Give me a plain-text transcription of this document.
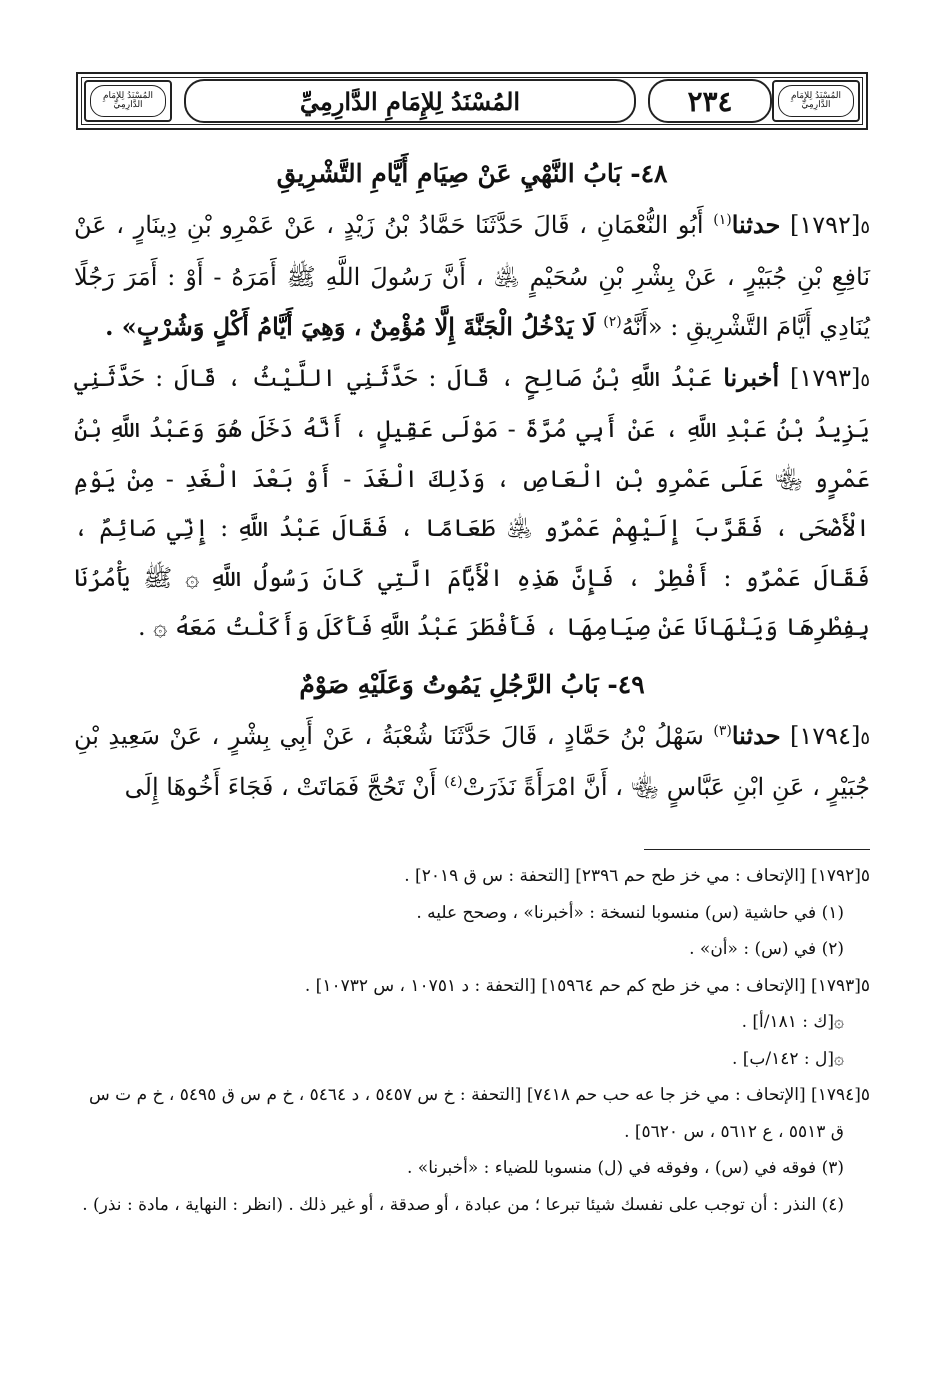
المُسْنَدُ لِلإِمَامِ الدَّارِمِيِّ
٢٣٤
المُسْنَدُ لِلإِمَامِ الدَّارِمِيِّ
المُسْنَدُ لِلإِمَامِ الدَّارِمِيِّ

٤٨- بَابُ النَّهْيِ عَنْ صِيَامِ أَيَّامِ التَّشْرِيقِ

٥[١٧٩٢] حدثنا$^{(١)}$ أَبُو النُّعْمَانِ ، قَالَ حَدَّثَنَا حَمَّادُ بْنُ زَيْدٍ ، عَنْ عَمْرِو بْنِ دِينَارٍ ، عَنْ نَافِعِ بْنِ جُبَيْرٍ ، عَنْ بِشْرِ بْنِ سُحَيْمٍ ﵁ ، أَنَّ رَسُولَ اللَّهِ ﷺ أَمَرَهُ - أَوْ : أَمَرَ رَجُلًا يُنَادِي أَيَّامَ التَّشْرِيقِ : «أَنَّهُ$^{(٢)}$ لَا يَدْخُلُ الْجَنَّةَ إِلَّا مُؤْمِنٌ ، وَهِيَ أَيَّامُ أَكْلٍ وَشُرْبٍ» .

٥[١٧٩٣] أخبرنا عَبْدُ اللَّهِ بْنُ صَالِحٍ ، قَالَ : حَدَّثَنِي اللَّيْثُ ، قَالَ : حَدَّثَنِي يَزِيدُ بْنُ عَبْدِ اللَّهِ ، عَنْ أَبِي مُرَّةَ - مَوْلَى عَقِيلٍ ، أَنَّهُ دَخَلَ هُوَ وَعَبْدُ اللَّهِ بْنُ عَمْرٍو ﵄ عَلَى عَمْرِو بْنِ الْعَاصِ ، وَذَلِكَ الْغَدَ - أَوْ بَعْدَ الْغَدِ - مِنْ يَوْمِ الْأَضْحَى ، فَقَرَّبَ إِلَيْهِمْ عَمْرٌو ﵁ طَعَامًا ، فَقَالَ عَبْدُ اللَّهِ : إِنِّي صَائِمٌ ، فَقَالَ عَمْرٌو : أَفْطِرْ ، فَإِنَّ هَذِهِ الْأَيَّامَ الَّتِي كَانَ رَسُولُ اللَّهِ ۞ ﷺ يَأْمُرُنَا بِفِطْرِهَا وَيَنْهَانَا عَنْ صِيَامِهَا ، فَأَفْطَرَ عَبْدُ اللَّهِ فَأَكَلَ وَأَكَلْتُ مَعَهُ ۞ .

٤٩- بَابُ الرَّجُلِ يَمُوتُ وَعَلَيْهِ صَوْمٌ

٥[١٧٩٤] حدثنا$^{(٣)}$ سَهْلُ بْنُ حَمَّادٍ ، قَالَ حَدَّثَنَا شُعْبَةُ ، عَنْ أَبِي بِشْرٍ ، عَنْ سَعِيدِ بْنِ جُبَيْرٍ ، عَنِ ابْنِ عَبَّاسٍ ﵄ ، أَنَّ امْرَأَةً نَذَرَتْ$^{(٤)}$ أَنْ تَحُجَّ فَمَاتَتْ ، فَجَاءَ أَخُوهَا إِلَى

٥[١٧٩٢] [الإتحاف : مي خز طح حم ٢٣٩٦] [التحفة : س ق ٢٠١٩] .

(١) في حاشية (س) منسوبا لنسخة : «أخبرنا» ، وصحح عليه .

(٢) في (س) : «أن» .

٥[١٧٩٣] [الإتحاف : مي خز طح كم حم ١٥٩٦٤] [التحفة : د ١٠٧٥١ ، س ١٠٧٣٢] .

۞[ك : ١٨١/أ] .

۞[ل : ١٤٢/ب] .

٥[١٧٩٤] [الإتحاف : مي خز جا عه حب حم ٧٤١٨] [التحفة : خ س ٥٤٥٧ ، د ٥٤٦٤ ، خ م س ق ٥٤٩٥ ، خ م ت س ق ٥٥١٣ ، ع ٥٦١٢ ، س ٥٦٢٠] .

(٣) فوقه في (س) ، وفوقه في (ل) منسوبا للضياء : «أخبرنا» .

(٤) النذر : أن توجب على نفسك شيئا تبرعا ؛ من عبادة ، أو صدقة ، أو غير ذلك . (انظر : النهاية ، مادة : نذر) .
